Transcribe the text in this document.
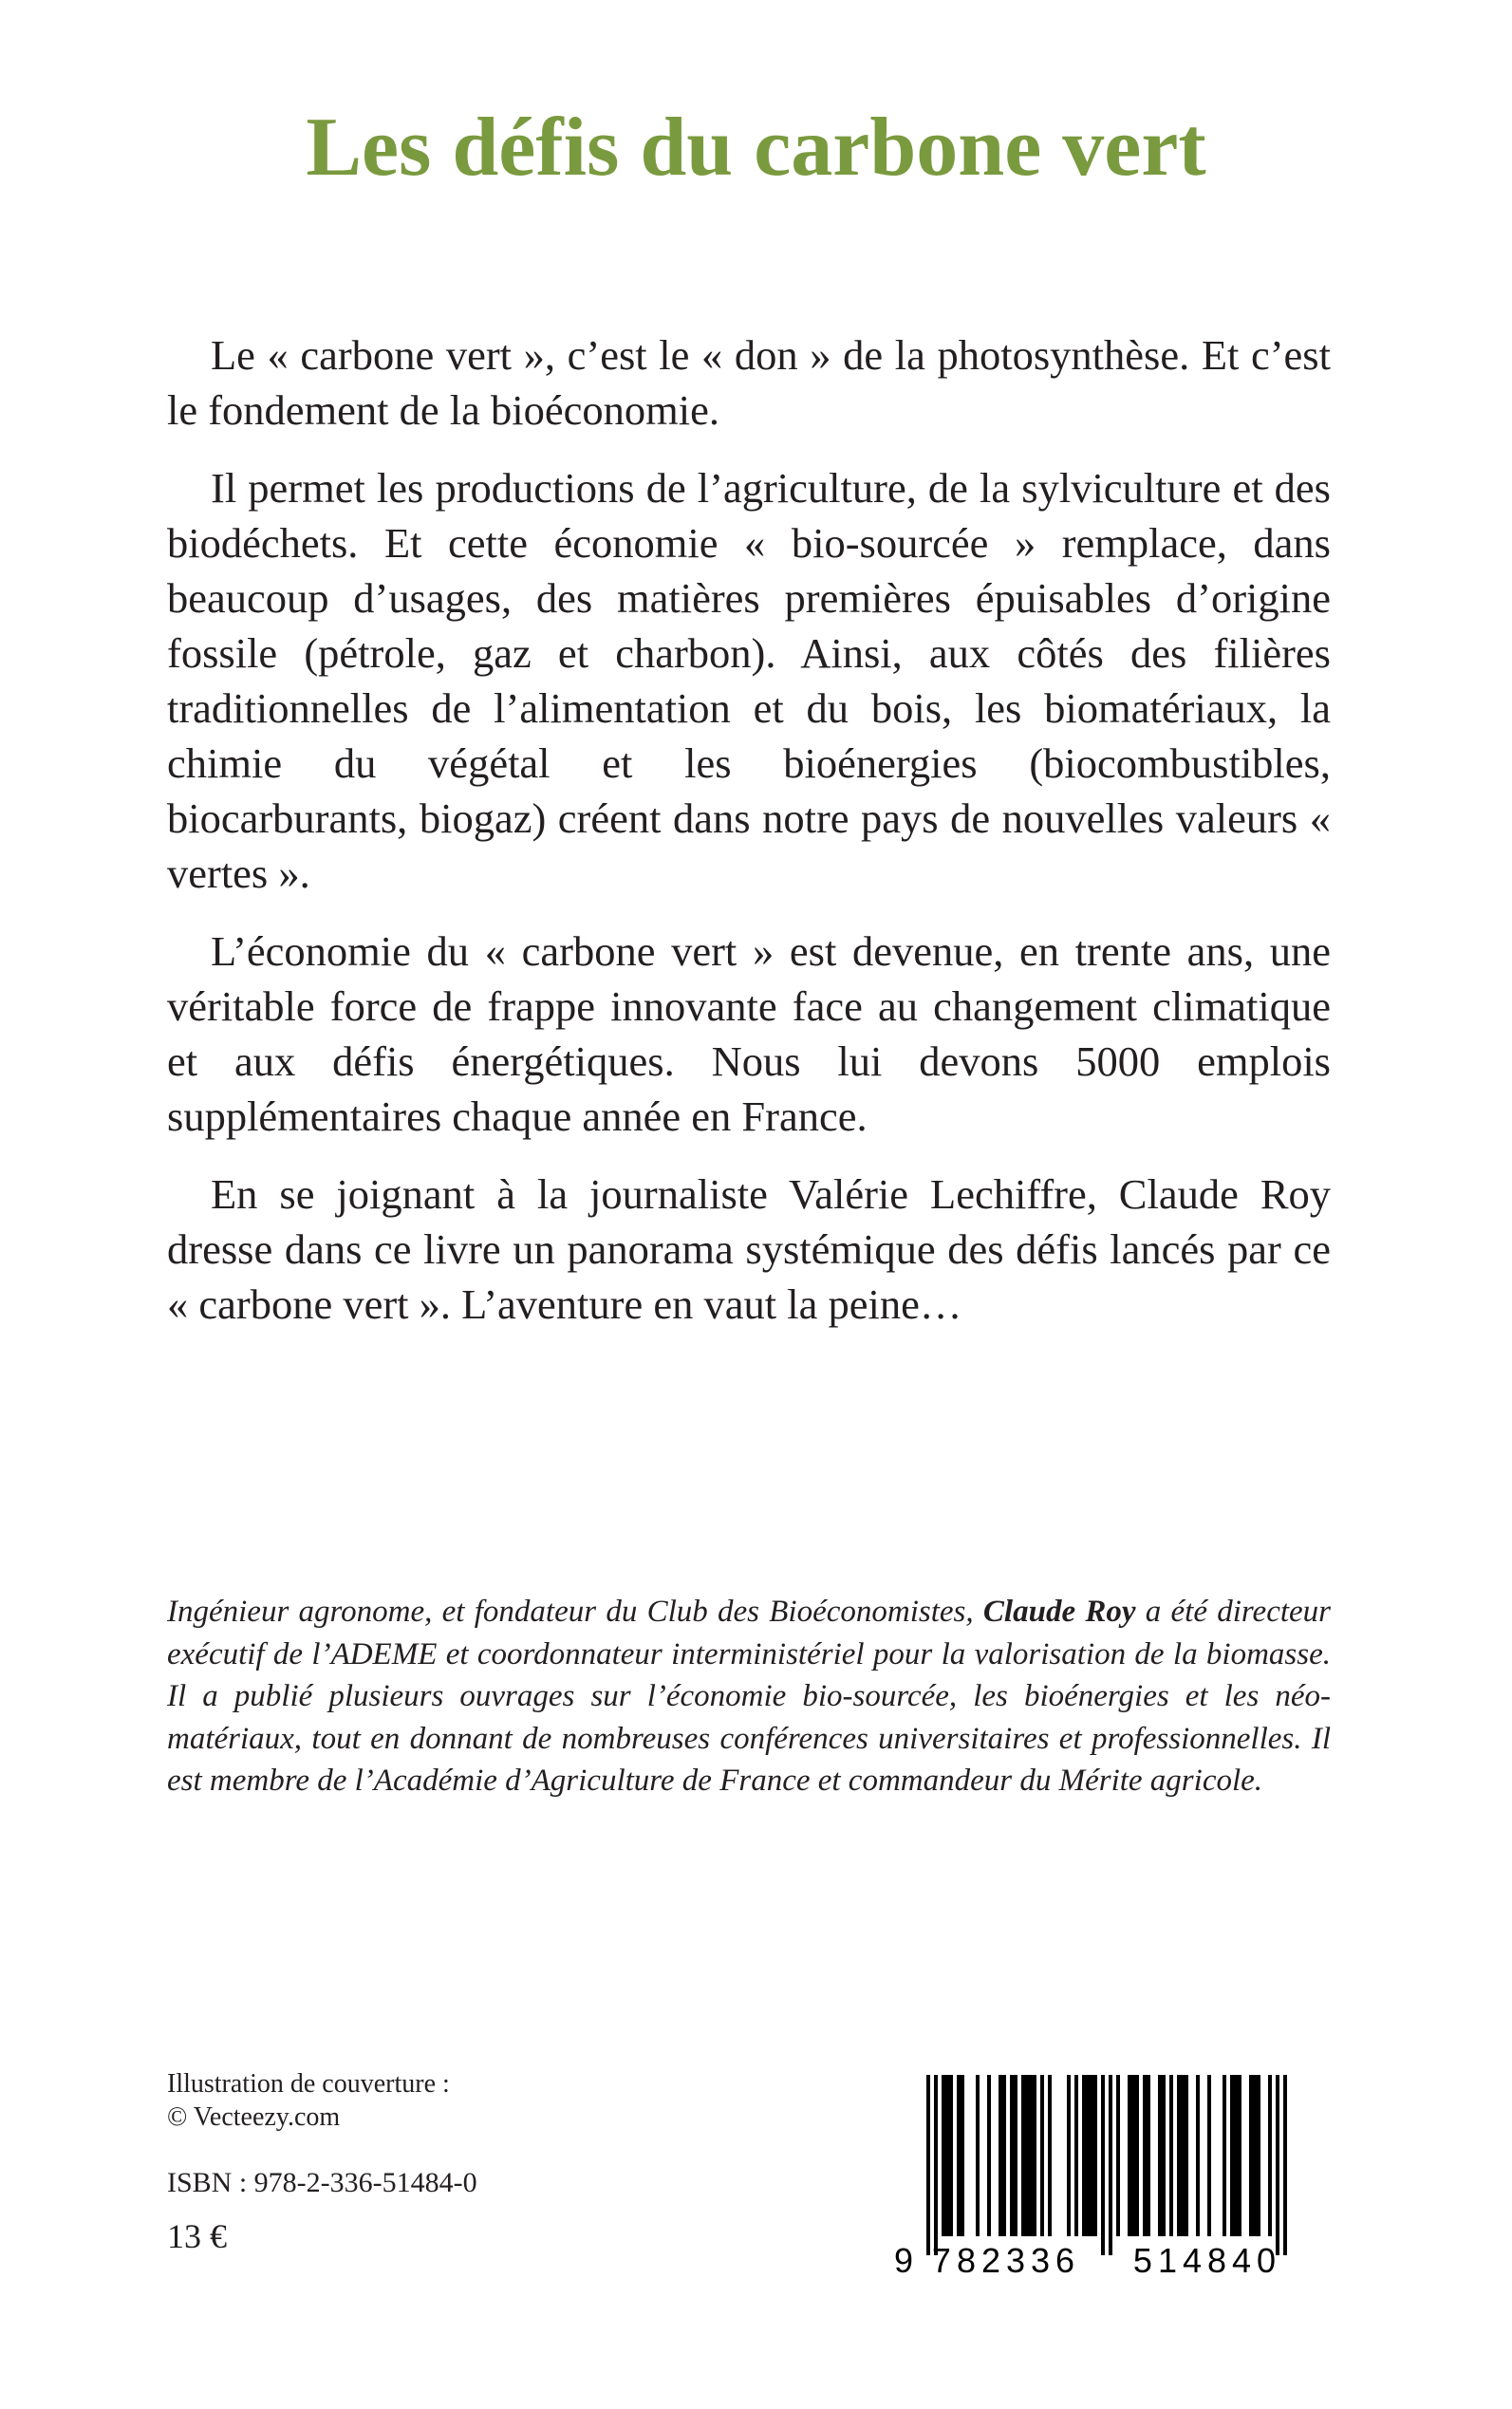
Les défis du carbone vert

Le « carbone vert », c’est le « don » de la photosynthèse. Et c’est le fondement de la bioéconomie.

Il permet les productions de l’agriculture, de la sylviculture et des biodéchets. Et cette économie « bio-sourcée » remplace, dans beaucoup d’usages, des matières premières épuisables d’origine fossile (pétrole, gaz et charbon). Ainsi, aux côtés des filières traditionnelles de l’alimentation et du bois, les biomatériaux, la chimie du végétal et les bioénergies (biocombustibles, biocarburants, biogaz) créent dans notre pays de nouvelles valeurs « vertes ».

L’économie du « carbone vert » est devenue, en trente ans, une véritable force de frappe innovante face au changement climatique et aux défis énergétiques. Nous lui devons 5000 emplois supplémentaires chaque année en France.

En se joignant à la journaliste Valérie Lechiffre, Claude Roy dresse dans ce livre un panorama systémique des défis lancés par ce « carbone vert ». L’aventure en vaut la peine…

Ingénieur agronome, et fondateur du Club des Bioéconomistes, Claude Roy a été directeur exécutif de l’ADEME et coordonnateur interministériel pour la valorisation de la biomasse. Il a publié plusieurs ouvrages sur l’économie bio-sourcée, les bioénergies et les néo-matériaux, tout en donnant de nombreuses conférences universitaires et professionnelles. Il est membre de l’Académie d’Agriculture de France et commandeur du Mérite agricole.

Illustration de couverture :
© Vecteezy.com
ISBN : 978-2-336-51484-0
13 €
9 782336 514840
